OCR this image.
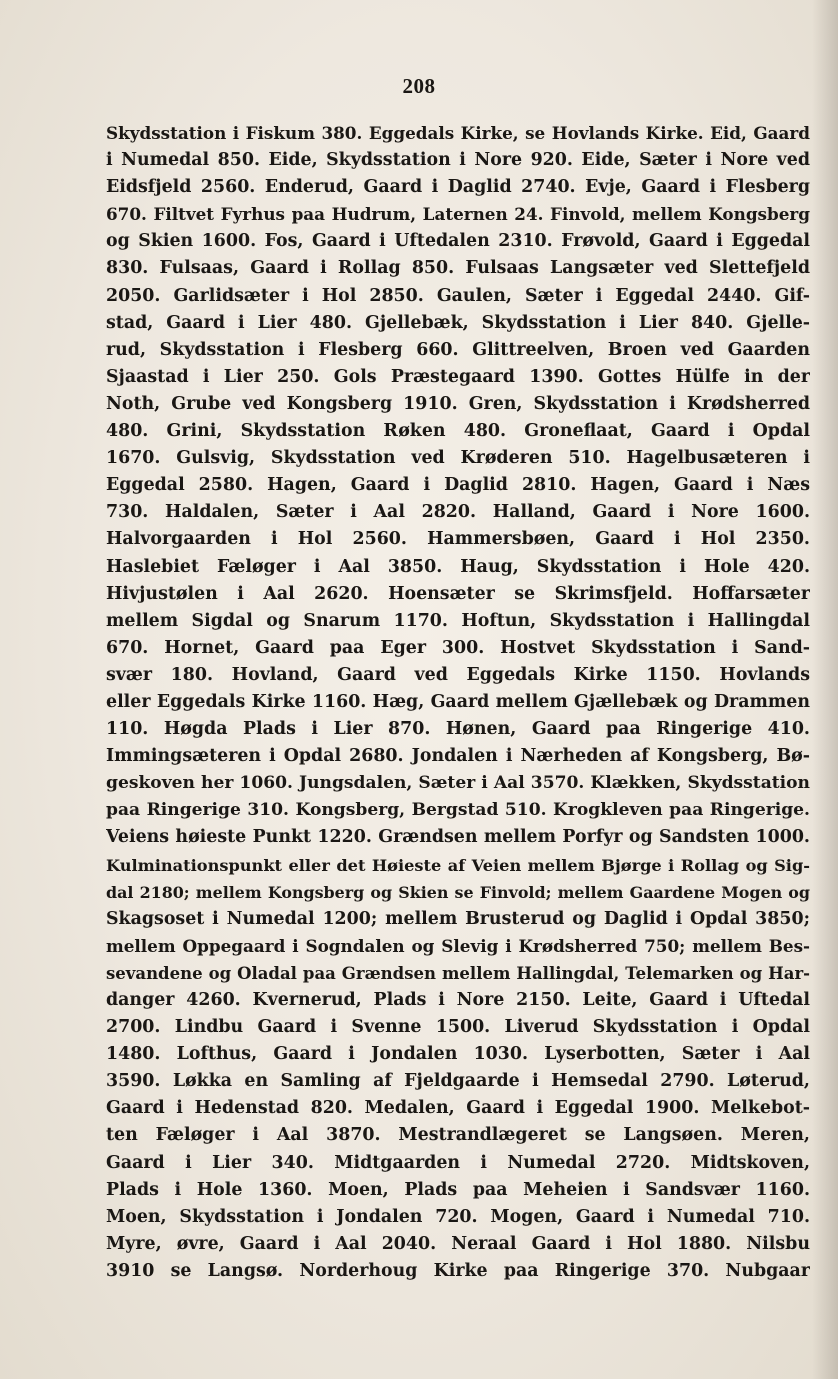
208
Skydsstation i Fiskum 380. Eggedals Kirke, se Hovlands Kirke. Eid, Gaard
i Numedal 850. Eide, Skydsstation i Nore 920. Eide, Sæter i Nore ved
Eidsfjeld 2560. Enderud, Gaard i Daglid 2740. Evje, Gaard i Flesberg
670. Filtvet Fyrhus paa Hudrum, Laternen 24. Finvold, mellem Kongsberg
og Skien 1600. Fos, Gaard i Uftedalen 2310. Frøvold, Gaard i Eggedal
830. Fulsaas, Gaard i Rollag 850. Fulsaas Langsæter ved Slettefjeld
2050. Garlidsæter i Hol 2850. Gaulen, Sæter i Eggedal 2440. Gif-
stad, Gaard i Lier 480. Gjellebæk, Skydsstation i Lier 840. Gjelle-
rud, Skydsstation i Flesberg 660. Glittreelven, Broen ved Gaarden
Sjaastad i Lier 250. Gols Præstegaard 1390. Gottes Hülfe in der
Noth, Grube ved Kongsberg 1910. Gren, Skydsstation i Krødsherred
480. Grini, Skydsstation Røken 480. Groneflaat, Gaard i Opdal
1670. Gulsvig, Skydsstation ved Krøderen 510. Hagelbusæteren i
Eggedal 2580. Hagen, Gaard i Daglid 2810. Hagen, Gaard i Næs
730. Haldalen, Sæter i Aal 2820. Halland, Gaard i Nore 1600.
Halvorgaarden i Hol 2560. Hammersbøen, Gaard i Hol 2350.
Haslebiet Fæløger i Aal 3850. Haug, Skydsstation i Hole 420.
Hivjustølen i Aal 2620. Hoensæter se Skrimsfjeld. Hoffarsæter
mellem Sigdal og Snarum 1170. Hoftun, Skydsstation i Hallingdal
670. Hornet, Gaard paa Eger 300. Hostvet Skydsstation i Sand-
svær 180. Hovland, Gaard ved Eggedals Kirke 1150. Hovlands
eller Eggedals Kirke 1160. Hæg, Gaard mellem Gjællebæk og Drammen
110. Høgda Plads i Lier 870. Hønen, Gaard paa Ringerige 410.
Immingsæteren i Opdal 2680. Jondalen i Nærheden af Kongsberg, Bø-
geskoven her 1060. Jungsdalen, Sæter i Aal 3570. Klækken, Skydsstation
paa Ringerige 310. Kongsberg, Bergstad 510. Krogkleven paa Ringerige.
Veiens høieste Punkt 1220. Grændsen mellem Porfyr og Sandsten 1000.
Kulminationspunkt eller det Høieste af Veien mellem Bjørge i Rollag og Sig-
dal 2180; mellem Kongsberg og Skien se Finvold; mellem Gaardene Mogen og
Skagsoset i Numedal 1200; mellem Brusterud og Daglid i Opdal 3850;
mellem Oppegaard i Sogndalen og Slevig i Krødsherred 750; mellem Bes-
sevandene og Oladal paa Grændsen mellem Hallingdal, Telemarken og Har-
danger 4260. Kvernerud, Plads i Nore 2150. Leite, Gaard i Uftedal
2700. Lindbu Gaard i Svenne 1500. Liverud Skydsstation i Opdal
1480. Lofthus, Gaard i Jondalen 1030. Lyserbotten, Sæter i Aal
3590. Løkka en Samling af Fjeldgaarde i Hemsedal 2790. Løterud,
Gaard i Hedenstad 820. Medalen, Gaard i Eggedal 1900. Melkebot-
ten Fæløger i Aal 3870. Mestrandlægeret se Langsøen. Meren,
Gaard i Lier 340. Midtgaarden i Numedal 2720. Midtskoven,
Plads i Hole 1360. Moen, Plads paa Meheien i Sandsvær 1160.
Moen, Skydsstation i Jondalen 720. Mogen, Gaard i Numedal 710.
Myre, øvre, Gaard i Aal 2040. Neraal Gaard i Hol 1880. Nilsbu
3910 se Langsø. Norderhoug Kirke paa Ringerige 370. Nubgaar
